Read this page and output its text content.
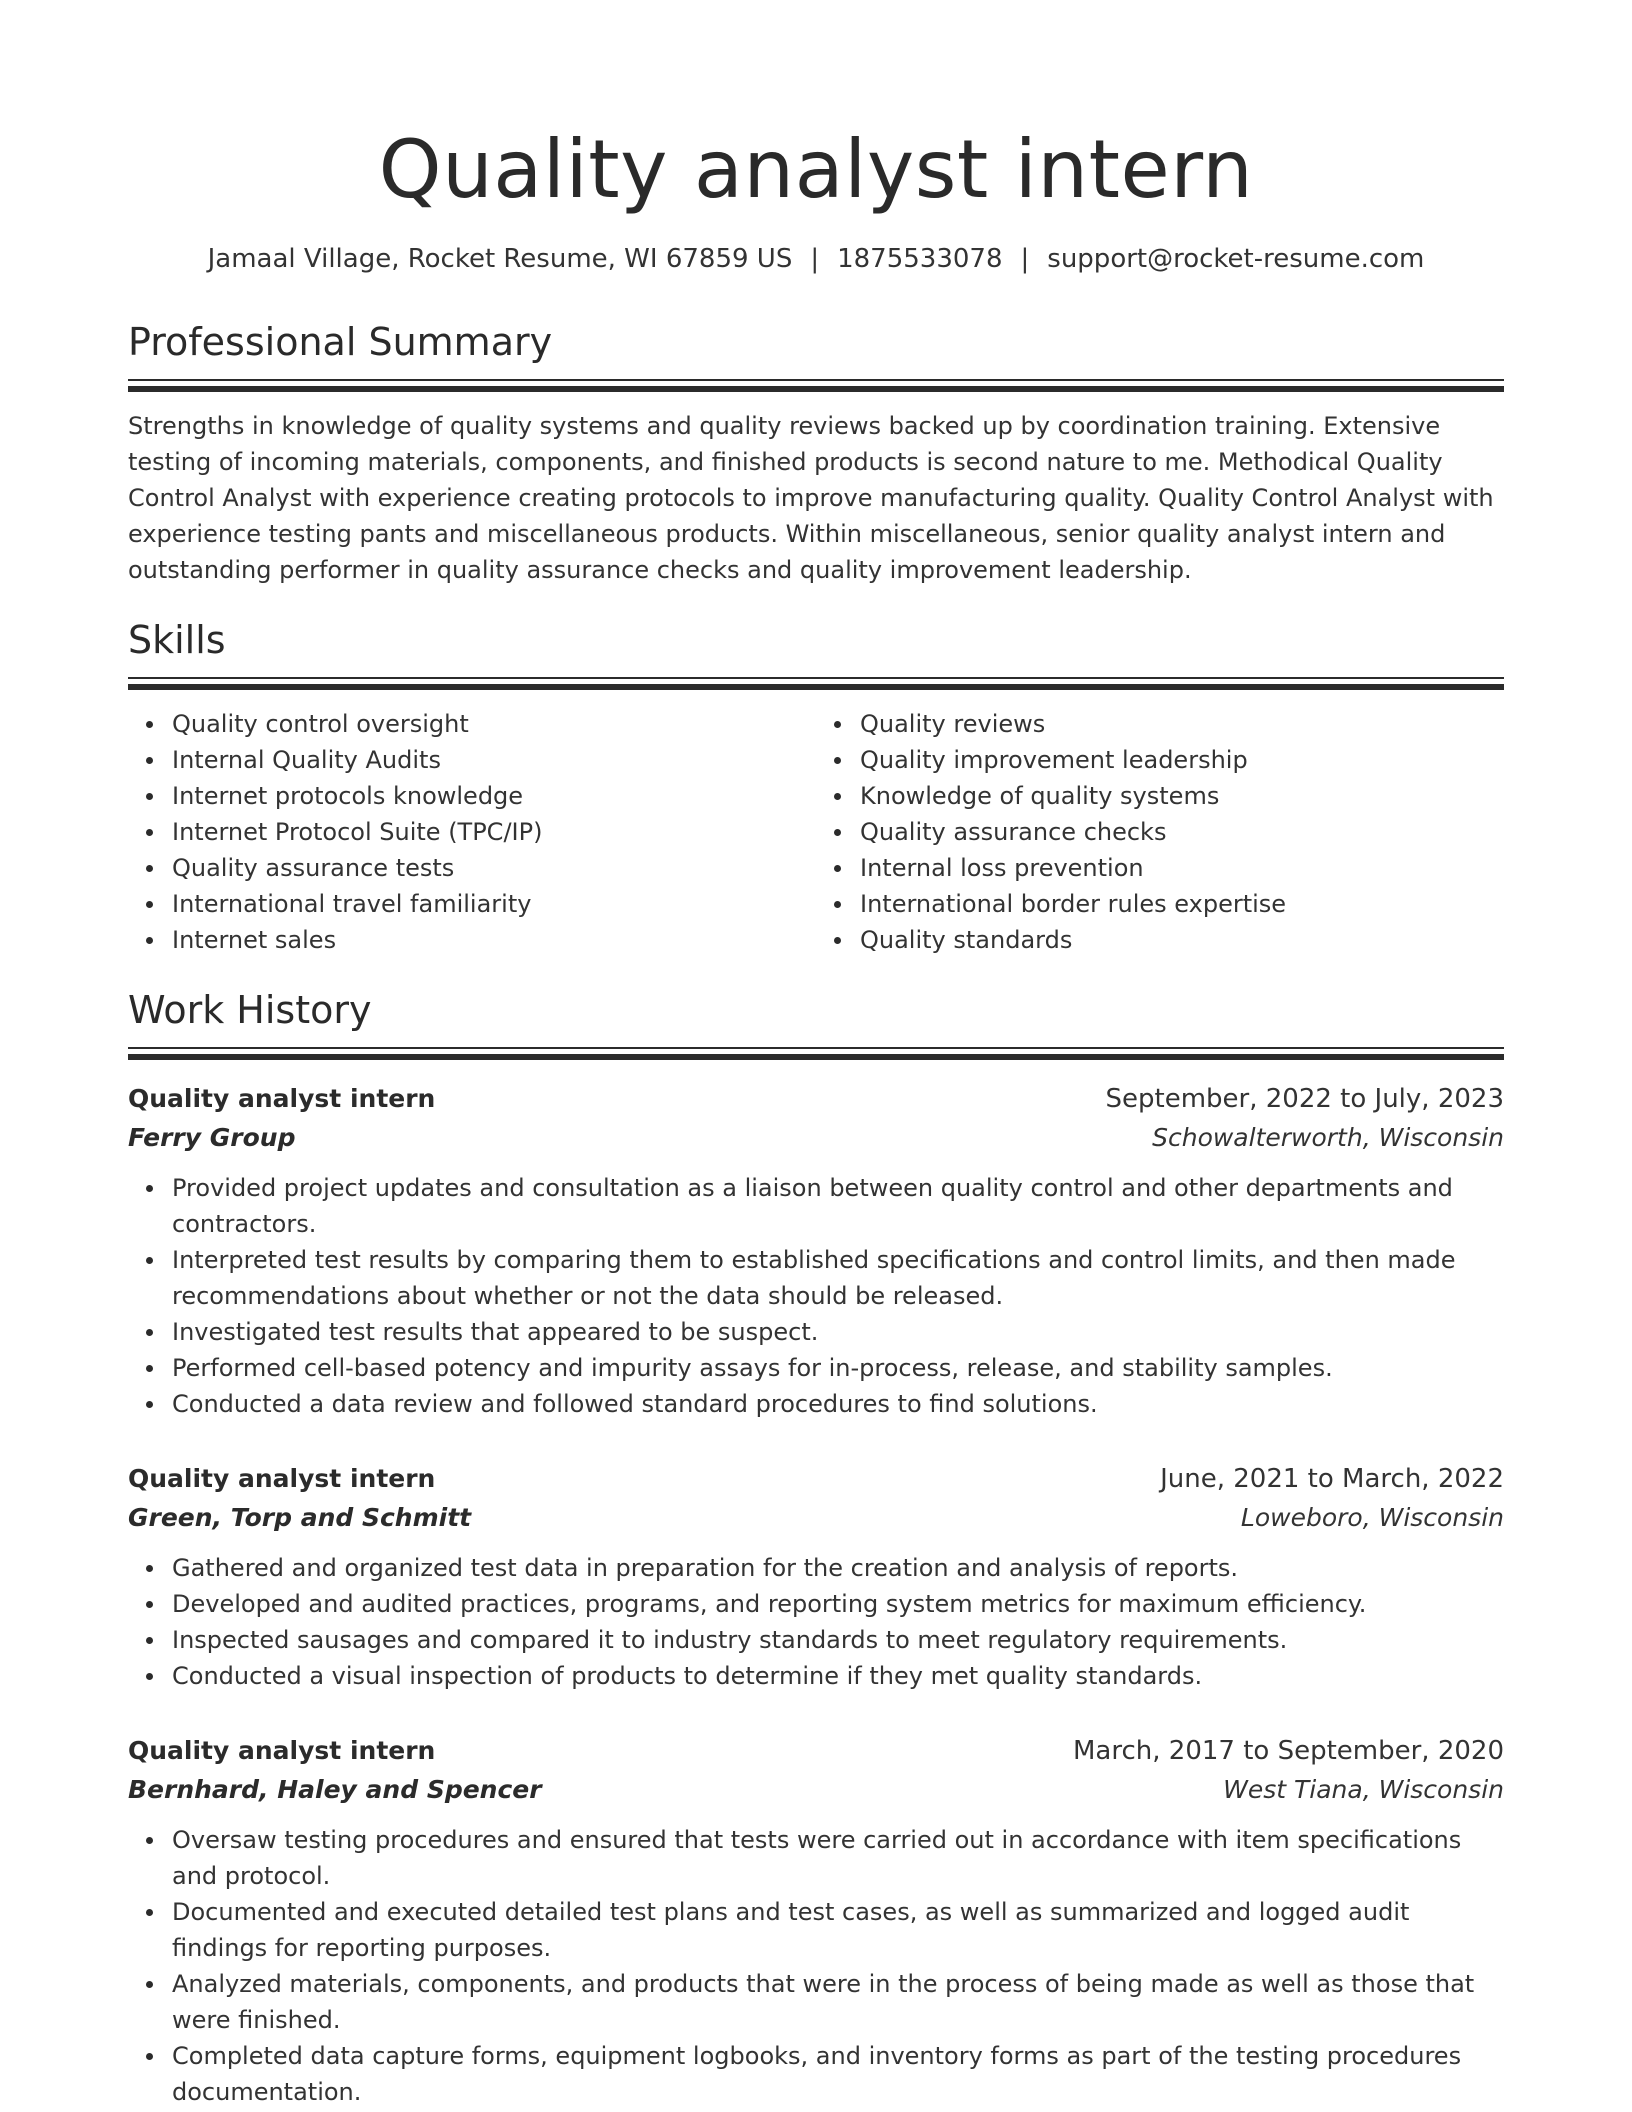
Quality analyst intern
Jamaal Village, Rocket Resume, WI 67859 US | 1875533078 | support@rocket-resume.com
Professional Summary

Strengths in knowledge of quality systems and quality reviews backed up by coordination training. Extensive testing of incoming materials, components, and finished products is second nature to me. Methodical Quality Control Analyst with experience creating protocols to improve manufacturing quality. Quality Control Analyst with experience testing pants and miscellaneous products. Within miscellaneous, senior quality analyst intern and outstanding performer in quality assurance checks and quality improvement leadership.

Skills
Quality control oversight
Internal Quality Audits
Internet protocols knowledge
Internet Protocol Suite (TPC/IP)
Quality assurance tests
International travel familiarity
Internet sales
Quality reviews
Quality improvement leadership
Knowledge of quality systems
Quality assurance checks
Internal loss prevention
International border rules expertise
Quality standards
Work History
Quality analyst intern	September, 2022 to July, 2023
Ferry Group	Schowalterworth, Wisconsin
Provided project updates and consultation as a liaison between quality control and other departments and contractors.
Interpreted test results by comparing them to established specifications and control limits, and then made recommendations about whether or not the data should be released.
Investigated test results that appeared to be suspect.
Performed cell-based potency and impurity assays for in-process, release, and stability samples.
Conducted a data review and followed standard procedures to find solutions.
Quality analyst intern	June, 2021 to March, 2022
Green, Torp and Schmitt	Loweboro, Wisconsin
Gathered and organized test data in preparation for the creation and analysis of reports.
Developed and audited practices, programs, and reporting system metrics for maximum efficiency.
Inspected sausages and compared it to industry standards to meet regulatory requirements.
Conducted a visual inspection of products to determine if they met quality standards.
Quality analyst intern	March, 2017 to September, 2020
Bernhard, Haley and Spencer	West Tiana, Wisconsin
Oversaw testing procedures and ensured that tests were carried out in accordance with item specifications and protocol.
Documented and executed detailed test plans and test cases, as well as summarized and logged audit findings for reporting purposes.
Analyzed materials, components, and products that were in the process of being made as well as those that were finished.
Completed data capture forms, equipment logbooks, and inventory forms as part of the testing procedures documentation.
